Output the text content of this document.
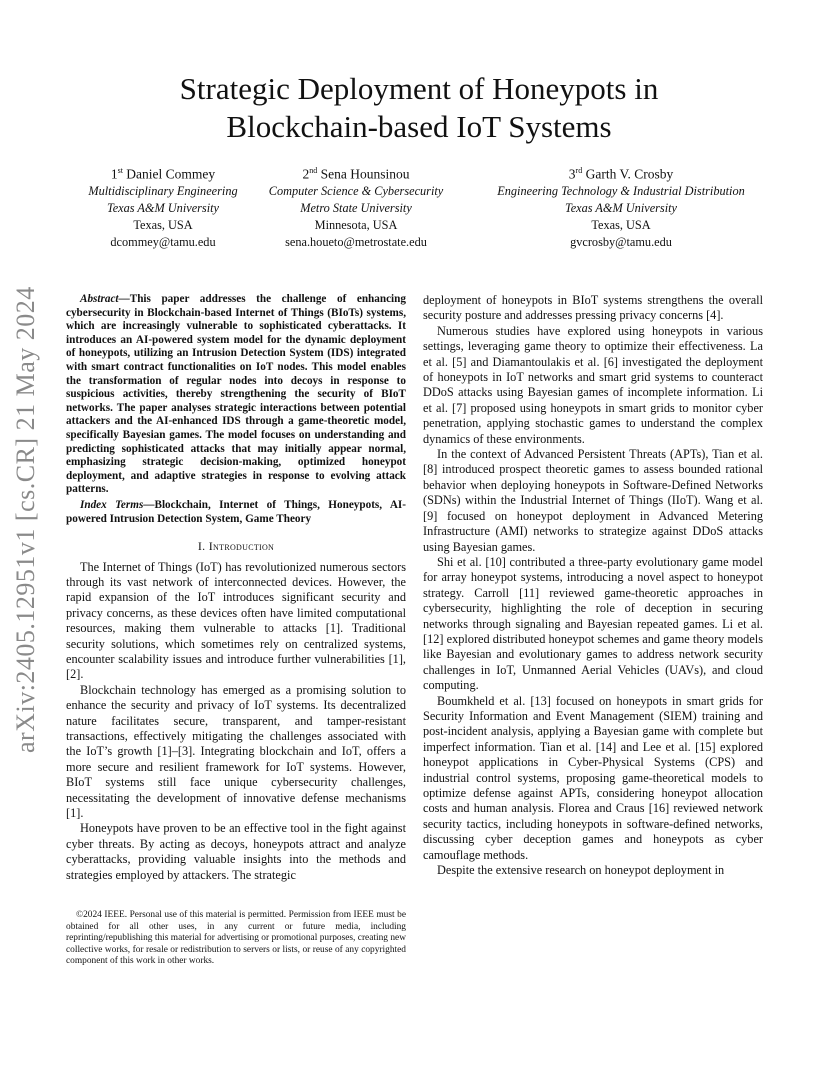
arXiv:2405.12951v1 [cs.CR] 21 May 2024
Strategic Deployment of Honeypots in
Blockchain-based IoT Systems
1st Daniel Commey
Multidisciplinary Engineering
Texas A&M University
Texas, USA
dcommey@tamu.edu
2nd Sena Hounsinou
Computer Science & Cybersecurity
Metro State University
Minnesota, USA
sena.houeto@metrostate.edu
3rd Garth V. Crosby
Engineering Technology & Industrial Distribution
Texas A&M University
Texas, USA
gvcrosby@tamu.edu
Abstract—This paper addresses the challenge of enhancing cybersecurity in Blockchain-based Internet of Things (BIoTs) systems, which are increasingly vulnerable to sophisticated cyberattacks. It introduces an AI-powered system model for the dynamic deployment of honeypots, utilizing an Intrusion Detection System (IDS) integrated with smart contract functionalities on IoT nodes. This model enables the transformation of regular nodes into decoys in response to suspicious activities, thereby strengthening the security of BIoT networks. The paper analyses strategic interactions between potential attackers and the AI-enhanced IDS through a game-theoretic model, specifically Bayesian games. The model focuses on understanding and predicting sophisticated attacks that may initially appear normal, emphasizing strategic decision-making, optimized honeypot deployment, and adaptive strategies in response to evolving attack patterns.
Index Terms—Blockchain, Internet of Things, Honeypots, AI-powered Intrusion Detection System, Game Theory
I. Introduction

The Internet of Things (IoT) has revolutionized numerous sectors through its vast network of interconnected devices. However, the rapid expansion of the IoT introduces significant security and privacy concerns, as these devices often have limited computational resources, making them vulnerable to attacks [1]. Traditional security solutions, which sometimes rely on centralized systems, encounter scalability issues and introduce further vulnerabilities [1], [2].

Blockchain technology has emerged as a promising solution to enhance the security and privacy of IoT systems. Its decentralized nature facilitates secure, transparent, and tamper-resistant transactions, effectively mitigating the challenges associated with the IoT’s growth [1]–[3]. Integrating blockchain and IoT, offers a more secure and resilient framework for IoT systems. However, BIoT systems still face unique cybersecurity challenges, necessitating the development of innovative defense mechanisms [1].

Honeypots have proven to be an effective tool in the fight against cyber threats. By acting as decoys, honeypots attract and analyze cyberattacks, providing valuable insights into the methods and strategies employed by attackers. The strategic

©2024 IEEE. Personal use of this material is permitted. Permission from IEEE must be obtained for all other uses, in any current or future media, including reprinting/republishing this material for advertising or promotional purposes, creating new collective works, for resale or redistribution to servers or lists, or reuse of any copyrighted component of this work in other works.

deployment of honeypots in BIoT systems strengthens the overall security posture and addresses pressing privacy concerns [4].

Numerous studies have explored using honeypots in various settings, leveraging game theory to optimize their effectiveness. La et al. [5] and Diamantoulakis et al. [6] investigated the deployment of honeypots in IoT networks and smart grid systems to counteract DDoS attacks using Bayesian games of incomplete information. Li et al. [7] proposed using honeypots in smart grids to monitor cyber penetration, applying stochastic games to understand the complex dynamics of these environments.

In the context of Advanced Persistent Threats (APTs), Tian et al. [8] introduced prospect theoretic games to assess bounded rational behavior when deploying honeypots in Software-Defined Networks (SDNs) within the Industrial Internet of Things (IIoT). Wang et al. [9] focused on honeypot deployment in Advanced Metering Infrastructure (AMI) networks to strategize against DDoS attacks using Bayesian games.

Shi et al. [10] contributed a three-party evolutionary game model for array honeypot systems, introducing a novel aspect to honeypot strategy. Carroll [11] reviewed game-theoretic approaches in cybersecurity, highlighting the role of deception in securing networks through signaling and Bayesian repeated games. Li et al. [12] explored distributed honeypot schemes and game theory models like Bayesian and evolutionary games to address network security challenges in IoT, Unmanned Aerial Vehicles (UAVs), and cloud computing.

Boumkheld et al. [13] focused on honeypots in smart grids for Security Information and Event Management (SIEM) training and post-incident analysis, applying a Bayesian game with complete but imperfect information. Tian et al. [14] and Lee et al. [15] explored honeypot applications in Cyber-Physical Systems (CPS) and industrial control systems, proposing game-theoretical models to optimize defense against APTs, considering honeypot allocation costs and human analysis. Florea and Craus [16] reviewed network security tactics, including honeypots in software-defined networks, discussing cyber deception games and honeypots as cyber camouflage methods.

Despite the extensive research on honeypot deployment in
